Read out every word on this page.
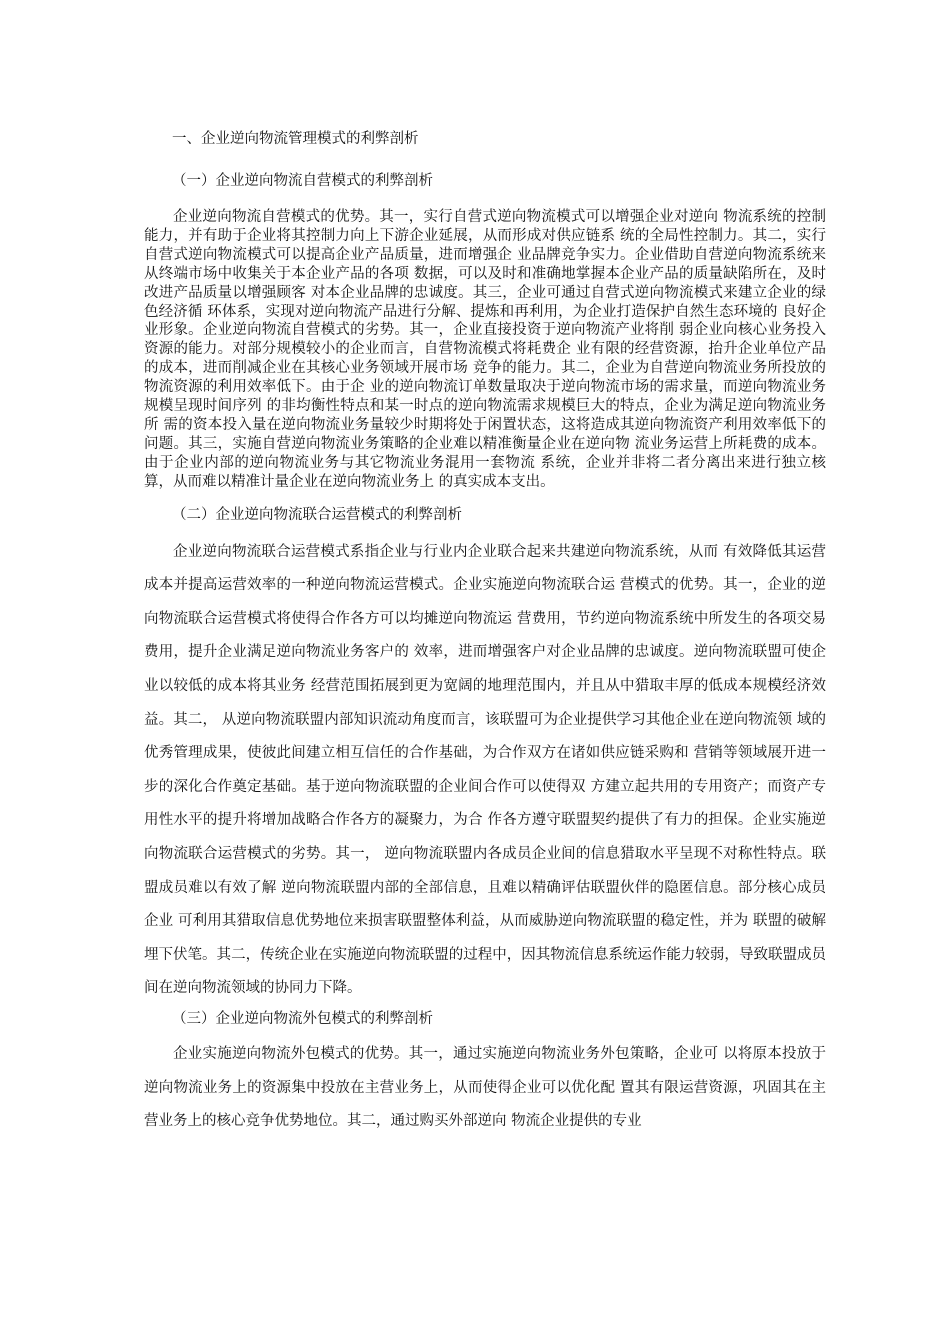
一、企业逆向物流管理模式的利弊剖析

（一）企业逆向物流自营模式的利弊剖析

企业逆向物流自营模式的优势。其一，实行自营式逆向物流模式可以增强企业对逆向 物流系统的控制能力，并有助于企业将其控制力向上下游企业延展，从而形成对供应链系 统的全局性控制力。其二，实行自营式逆向物流模式可以提高企业产品质量，进而增强企 业品牌竞争实力。企业借助自营逆向物流系统来从终端市场中收集关于本企业产品的各项 数据，可以及时和准确地掌握本企业产品的质量缺陷所在，及时改进产品质量以增强顾客 对本企业品牌的忠诚度。其三，企业可通过自营式逆向物流模式来建立企业的绿色经济循 环体系，实现对逆向物流产品进行分解、提炼和再利用，为企业打造保护自然生态环境的 良好企业形象。企业逆向物流自营模式的劣势。其一，企业直接投资于逆向物流产业将削 弱企业向核心业务投入资源的能力。对部分规模较小的企业而言，自营物流模式将耗费企 业有限的经营资源，抬升企业单位产品的成本，进而削减企业在其核心业务领域开展市场 竞争的能力。其二，企业为自营逆向物流业务所投放的物流资源的利用效率低下。由于企 业的逆向物流订单数量取决于逆向物流市场的需求量，而逆向物流业务规模呈现时间序列 的非均衡性特点和某一时点的逆向物流需求规模巨大的特点，企业为满足逆向物流业务所 需的资本投入量在逆向物流业务量较少时期将处于闲置状态，这将造成其逆向物流资产利用效率低下的问题。其三，实施自营逆向物流业务策略的企业难以精准衡量企业在逆向物 流业务运营上所耗费的成本。由于企业内部的逆向物流业务与其它物流业务混用一套物流 系统，企业并非将二者分离出来进行独立核算，从而难以精准计量企业在逆向物流业务上 的真实成本支出。

（二）企业逆向物流联合运营模式的利弊剖析

企业逆向物流联合运营模式系指企业与行业内企业联合起来共建逆向物流系统，从而 有效降低其运营成本并提高运营效率的一种逆向物流运营模式。企业实施逆向物流联合运 营模式的优势。其一，企业的逆向物流联合运营模式将使得合作各方可以均摊逆向物流运 营费用，节约逆向物流系统中所发生的各项交易费用，提升企业满足逆向物流业务客户的 效率，进而增强客户对企业品牌的忠诚度。逆向物流联盟可使企业以较低的成本将其业务 经营范围拓展到更为宽阔的地理范围内，并且从中猎取丰厚的低成本规模经济效益。其二， 从逆向物流联盟内部知识流动角度而言，该联盟可为企业提供学习其他企业在逆向物流领 域的优秀管理成果，使彼此间建立相互信任的合作基础，为合作双方在诸如供应链采购和 营销等领域展开进一步的深化合作奠定基础。基于逆向物流联盟的企业间合作可以使得双 方建立起共用的专用资产；而资产专用性水平的提升将增加战略合作各方的凝聚力，为合 作各方遵守联盟契约提供了有力的担保。企业实施逆向物流联合运营模式的劣势。其一， 逆向物流联盟内各成员企业间的信息猎取水平呈现不对称性特点。联盟成员难以有效了解 逆向物流联盟内部的全部信息，且难以精确评估联盟伙伴的隐匿信息。部分核心成员企业 可利用其猎取信息优势地位来损害联盟整体利益，从而威胁逆向物流联盟的稳定性，并为 联盟的破解埋下伏笔。其二，传统企业在实施逆向物流联盟的过程中，因其物流信息系统运作能力较弱，导致联盟成员间在逆向物流领域的协同力下降。

（三）企业逆向物流外包模式的利弊剖析

企业实施逆向物流外包模式的优势。其一，通过实施逆向物流业务外包策略，企业可 以将原本投放于逆向物流业务上的资源集中投放在主营业务上，从而使得企业可以优化配 置其有限运营资源，巩固其在主营业务上的核心竞争优势地位。其二，通过购买外部逆向 物流企业提供的专业
